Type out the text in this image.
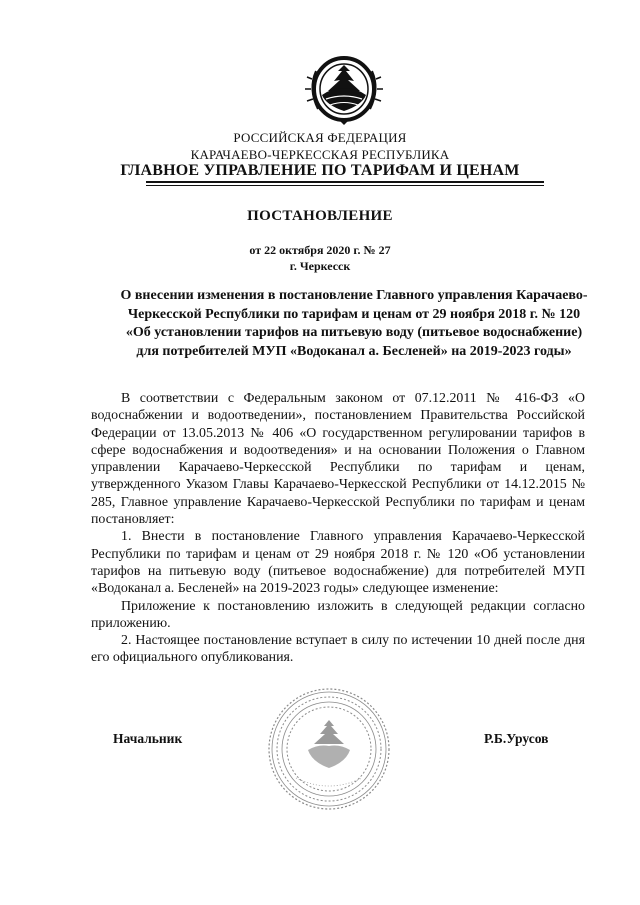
РОССИЙСКАЯ ФЕДЕРАЦИЯ
КАРАЧАЕВО-ЧЕРКЕССКАЯ РЕСПУБЛИКА
ГЛАВНОЕ УПРАВЛЕНИЕ ПО ТАРИФАМ И ЦЕНАМ
ПОСТАНОВЛЕНИЕ
от 22 октября 2020 г. № 27
г. Черкесск
О внесении изменения в постановление Главного управления Карачаево-Черкесской Республики по тарифам и ценам от 29 ноября 2018 г. № 120 «Об установлении тарифов на питьевую воду (питьевое водоснабжение) для потребителей МУП «Водоканал а. Бесленей» на 2019-2023 годы»

В соответствии с Федеральным законом от 07.12.2011 № 416-ФЗ «О водоснабжении и водоотведении», постановлением Правительства Российской Федерации от 13.05.2013 № 406 «О государственном регулировании тарифов в сфере водоснабжения и водоотведения» и на основании Положения о Главном управлении Карачаево-Черкесской Республики по тарифам и ценам, утвержденного Указом Главы Карачаево-Черкесской Республики от 14.12.2015 № 285, Главное управление Карачаево-Черкесской Республики по тарифам и ценам постановляет:

1. Внести в постановление Главного управления Карачаево-Черкесской Республики по тарифам и ценам от 29 ноября 2018 г. № 120 «Об установлении тарифов на питьевую воду (питьевое водоснабжение) для потребителей МУП «Водоканал а. Бесленей» на 2019-2023 годы» следующее изменение:

Приложение к постановлению изложить в следующей редакции согласно приложению.

2. Настоящее постановление вступает в силу по истечении 10 дней после дня его официального опубликования.

Начальник	Р.Б.Урусов
